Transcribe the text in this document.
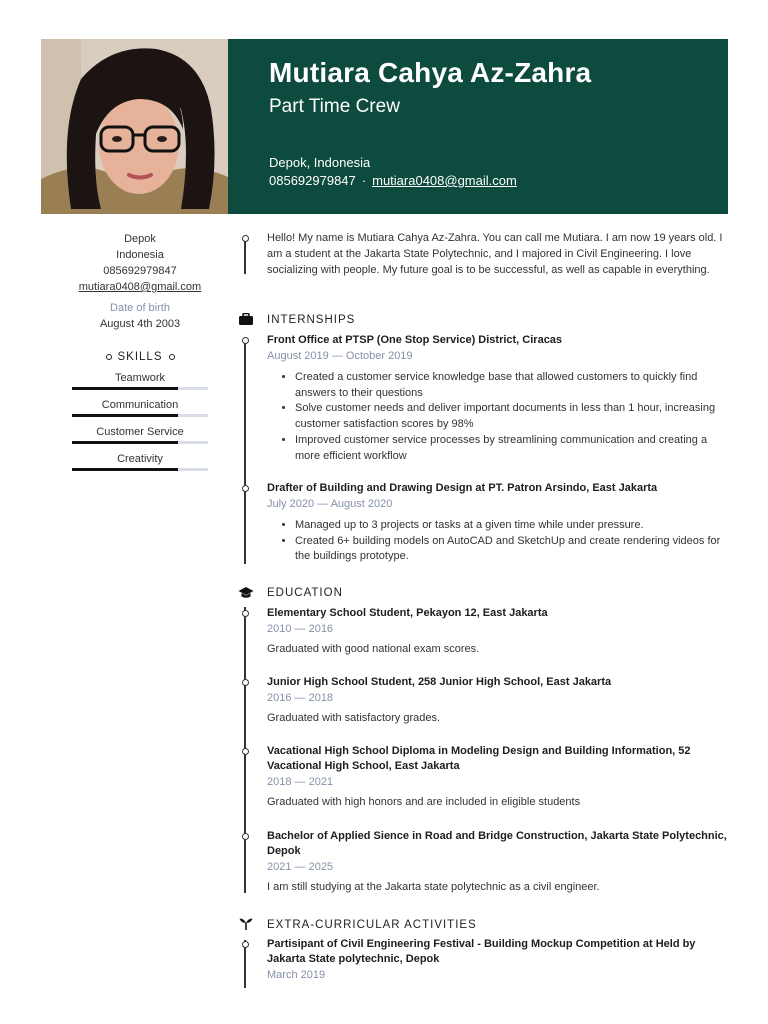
Mutiara Cahya Az-Zahra
Part Time Crew
Depok, Indonesia
085692979847 · mutiara0408@gmail.com
Depok
Indonesia
085692979847
mutiara0408@gmail.com
Date of birth
August 4th 2003
SKILLS
Teamwork
Communication
Customer Service
Creativity
Hello! My name is Mutiara Cahya Az-Zahra. You can call me Mutiara. I am now 19 years old. I am a student at the Jakarta State Polytechnic, and I majored in Civil Engineering. I love socializing with people. My future goal is to be successful, as well as capable in everything.
INTERNSHIPS
Front Office at PTSP (One Stop Service) District, Ciracas
August 2019 — October 2019
• Created a customer service knowledge base that allowed customers to quickly find answers to their questions
• Solve customer needs and deliver important documents in less than 1 hour, increasing customer satisfaction scores by 98%
• Improved customer service processes by streamlining communication and creating a more efficient workflow
Drafter of Building and Drawing Design at PT. Patron Arsindo, East Jakarta
July 2020 — August 2020
• Managed up to 3 projects or tasks at a given time while under pressure.
• Created 6+ building models on AutoCAD and SketchUp and create rendering videos for the buildings prototype.
EDUCATION
Elementary School Student, Pekayon 12, East Jakarta
2010 — 2016
Graduated with good national exam scores.
Junior High School Student, 258 Junior High School, East Jakarta
2016 — 2018
Graduated with satisfactory grades.
Vacational High School Diploma in Modeling Design and Building Information, 52 Vacational High School, East Jakarta
2018 — 2021
Graduated with high honors and are included in eligible students
Bachelor of Applied Sience in Road and Bridge Construction, Jakarta State Polytechnic, Depok
2021 — 2025
I am still studying at the Jakarta state polytechnic as a civil engineer.
EXTRA-CURRICULAR ACTIVITIES
Partisipant of Civil Engineering Festival - Building Mockup Competition at Held by Jakarta State polytechnic, Depok
March 2019
